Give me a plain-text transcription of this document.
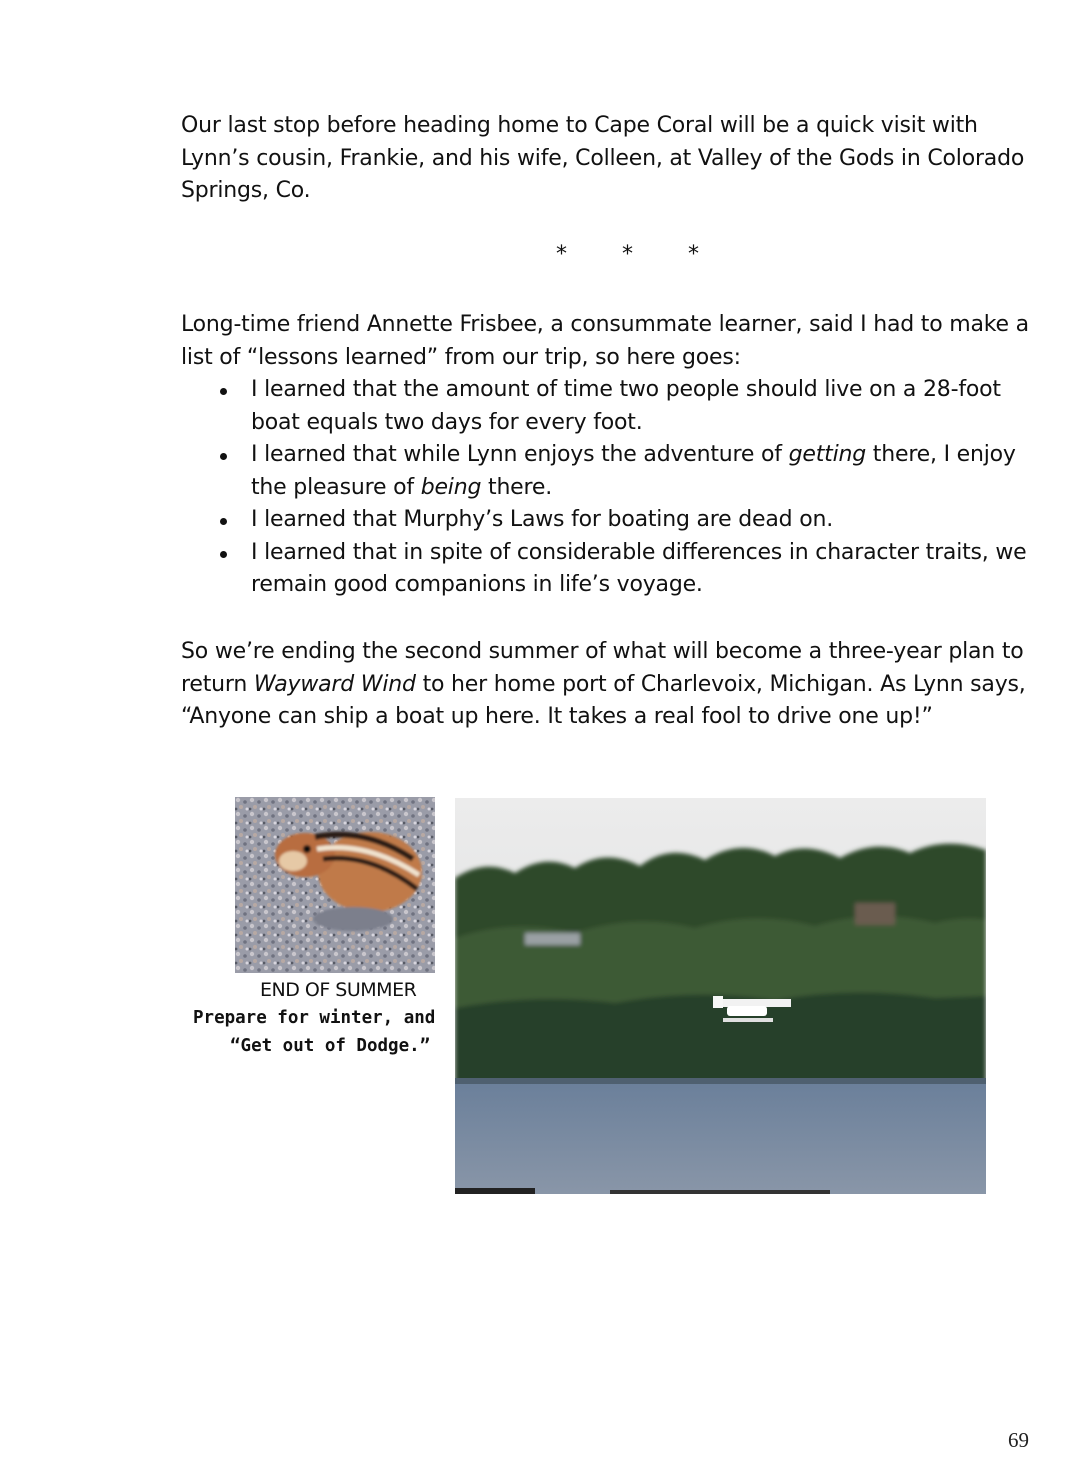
Our last stop before heading home to Cape Coral will be a quick visit with Lynn’s cousin, Frankie, and his wife, Colleen, at Valley of the Gods in Colorado Springs, Co.

* * *

Long-time friend Annette Frisbee, a consummate learner, said I had to make a list of “lessons learned” from our trip, so here goes:

I learned that the amount of time two people should live on a 28-foot boat equals two days for every foot.
I learned that while Lynn enjoys the adventure of getting there, I enjoy the pleasure of being there.
I learned that Murphy’s Laws for boating are dead on.
I learned that in spite of considerable differences in character traits, we remain good companions in life’s voyage.

So we’re ending the second summer of what will become a three-year plan to return Wayward Wind to her home port of Charlevoix, Michigan. As Lynn says, “Anyone can ship a boat up here. It takes a real fool to drive one up!”

END OF SUMMER
Prepare for winter, and
“Get out of Dodge.”
69
